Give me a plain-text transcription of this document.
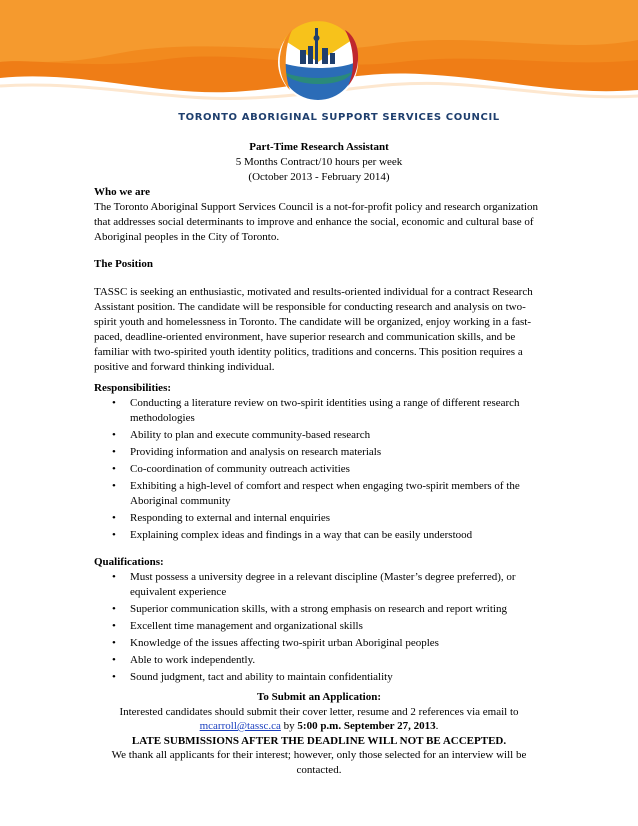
TORONTO ABORIGINAL SUPPORT SERVICES COUNCIL

Part-Time Research Assistant

5 Months Contract/10 hours per week

(October 2013 - February 2014)

Who we are

The Toronto Aboriginal Support Services Council is a not-for-profit policy and research organization that addresses social determinants to improve and enhance the social, economic and cultural base of Aboriginal peoples in the City of Toronto.

The Position

TASSC is seeking an enthusiastic, motivated and results-oriented individual for a contract Research Assistant position. The candidate will be responsible for conducting research and analysis on two-spirit youth and homelessness in Toronto. The candidate will be organized, enjoy working in a fast-paced, deadline-oriented environment, have superior research and communication skills, and be familiar with two-spirited youth identity politics, traditions and concerns. This position requires a positive and forward thinking individual.

Responsibilities:

• Conducting a literature review on two-spirit identities using a range of different research methodologies
• Ability to plan and execute community-based research
• Providing information and analysis on research materials
• Co-coordination of community outreach activities
• Exhibiting a high-level of comfort and respect when engaging two-spirit members of the Aboriginal community
• Responding to external and internal enquiries
• Explaining complex ideas and findings in a way that can be easily understood

Qualifications:

• Must possess a university degree in a relevant discipline (Master’s degree preferred), or equivalent experience
• Superior communication skills, with a strong emphasis on research and report writing
• Excellent time management and organizational skills
• Knowledge of the issues affecting two-spirit urban Aboriginal peoples
• Able to work independently.
• Sound judgment, tact and ability to maintain confidentiality

To Submit an Application:

Interested candidates should submit their cover letter, resume and 2 references via email to
mcarroll@tassc.ca by 5:00 p.m. September 27, 2013.

LATE SUBMISSIONS AFTER THE DEADLINE WILL NOT BE ACCEPTED.

We thank all applicants for their interest; however, only those selected for an interview will be contacted.
